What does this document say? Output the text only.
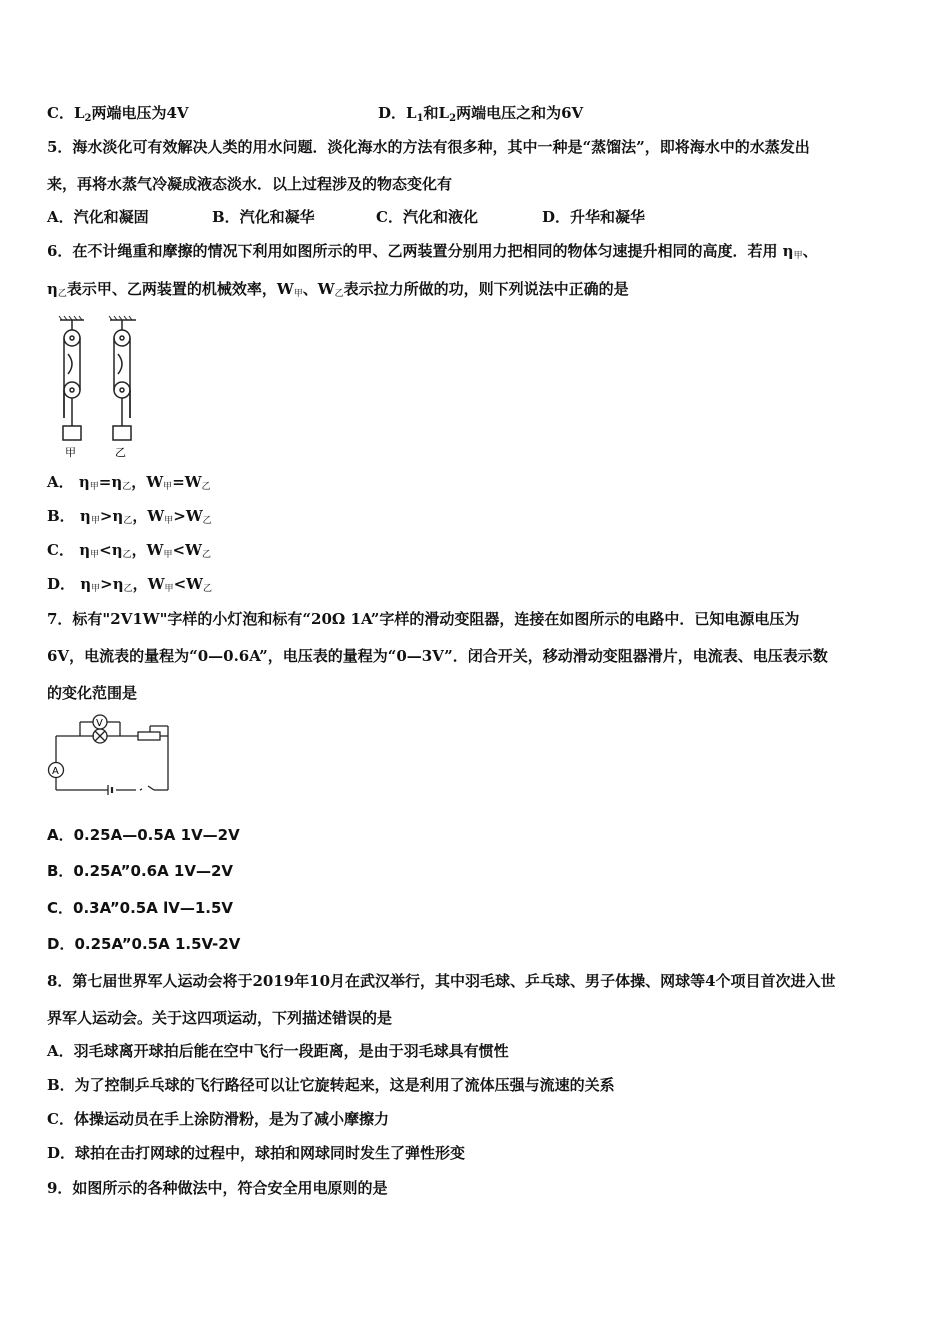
C．$L_2$两端电压为4V	D．$L_1$和$L_2$两端电压之和为6V
5．海水淡化可有效解决人类的用水问题．淡化海水的方法有很多种，其中一种是“蒸馏法”，即将海水中的水蒸发出
来，再将水蒸气冷凝成液态淡水．以上过程涉及的物态变化有
A．汽化和凝固	B．汽化和凝华	C．汽化和液化	D．升华和凝华
6．在不计绳重和摩擦的情况下利用如图所示的甲、乙两装置分别用力把相同的物体匀速提升相同的高度．若用 η甲、
η乙表示甲、乙两装置的机械效率，W甲、W乙表示拉力所做的功，则下列说法中正确的是
甲	乙
A． η甲=η乙，W甲=W乙
B． η甲>η乙，W甲>W乙
C． η甲<η乙，W甲<W乙
D． η甲>η乙，W甲<W乙
7．标有"2V1W"字样的小灯泡和标有“20Ω 1A”字样的滑动变阻器，连接在如图所示的电路中．已知电源电压为
6V，电流表的量程为“0—0.6A”，电压表的量程为“0—3V”．闭合开关，移动滑动变阻器滑片，电流表、电压表示数
的变化范围是
V
A
A．0.25A—0.5A 1V—2V
B．0.25A”0.6A 1V—2V
C．0.3A”0.5A lV—1.5V
D．0.25A”0.5A 1.5V-2V
8．第七届世界军人运动会将于2019年10月在武汉举行，其中羽毛球、乒乓球、男子体操、网球等4个项目首次进入世
界军人运动会。关于这四项运动，下列描述错误的是
A．羽毛球离开球拍后能在空中飞行一段距离，是由于羽毛球具有惯性
B．为了控制乒乓球的飞行路径可以让它旋转起来，这是利用了流体压强与流速的关系
C．体操运动员在手上涂防滑粉，是为了减小摩擦力
D．球拍在击打网球的过程中，球拍和网球同时发生了弹性形变
9．如图所示的各种做法中，符合安全用电原则的是
